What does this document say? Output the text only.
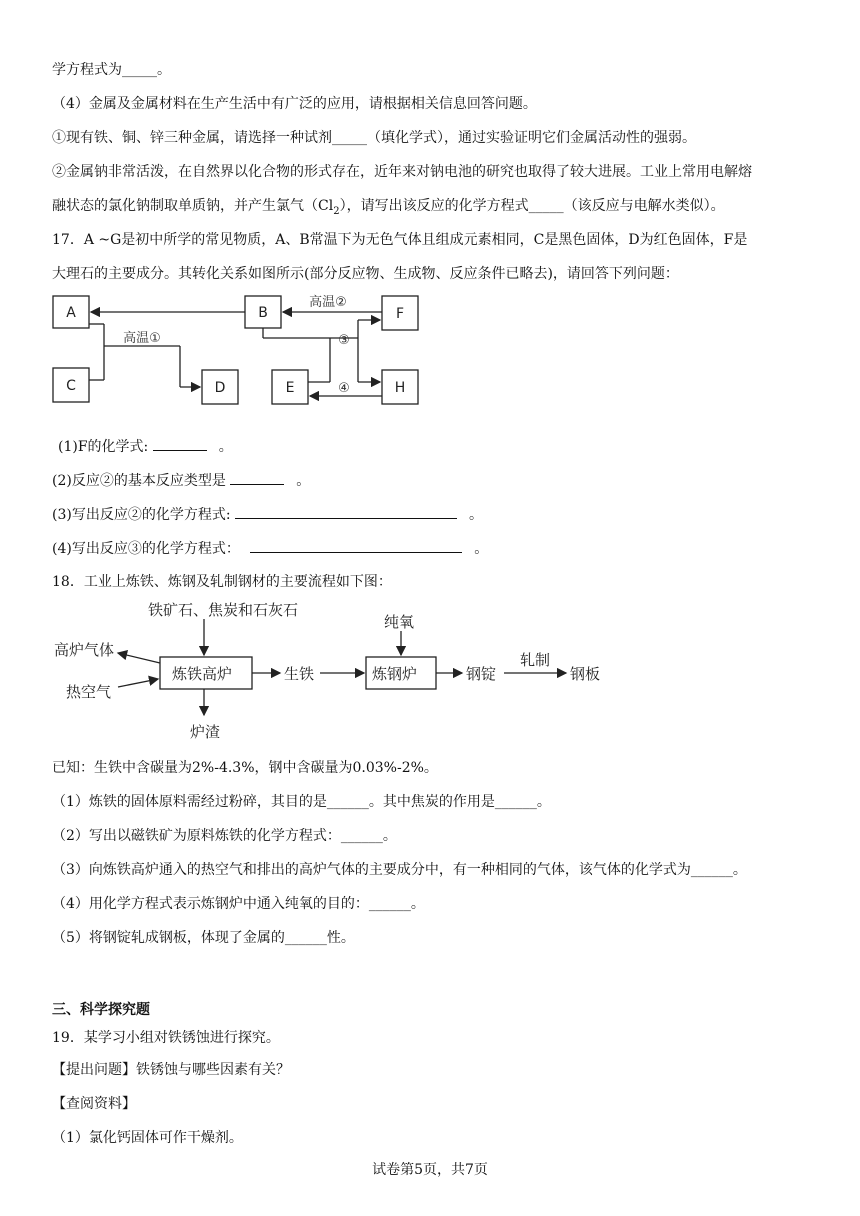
学方程式为_____。
（4）金属及金属材料在生产生活中有广泛的应用，请根据相关信息回答问题。
①现有铁、铜、锌三种金属，请选择一种试剂_____（填化学式），通过实验证明它们金属活动性的强弱。
②金属钠非常活泼，在自然界以化合物的形式存在，近年来对钠电池的研究也取得了较大进展。工业上常用电解熔
融状态的氯化钠制取单质钠，并产生氯气$(Cl_2)$，请写出该反应的化学方程式_____（该反应与电解水类似）。
17．A ~G是初中所学的常见物质，A、B常温下为无色气体且组成元素相同，C是黑色固体，D为红色固体，F是
大理石的主要成分。其转化关系如图所示(部分反应物、生成物、反应条件已略去)，请回答下列问题：
A	B
C	D	E
F
H
高温①
高温②
③
④
(1)F的化学式:	。
(2)反应②的基本反应类型是	。
(3)写出反应②的化学方程式:	。
(4)写出反应③的化学方程式：	。
18．工业上炼铁、炼钢及轧制钢材的主要流程如下图：
铁矿石、焦炭和石灰石
高炉气体
热空气
炼铁高炉
炉渣
生铁
纯氧
炼钢炉	钢锭
轧制
钢板
已知：生铁中含碳量为2%-4.3%，钢中含碳量为0.03%-2%。
（1）炼铁的固体原料需经过粉碎，其目的是______。其中焦炭的作用是______。
（2）写出以磁铁矿为原料炼铁的化学方程式：______。
（3）向炼铁高炉通入的热空气和排出的高炉气体的主要成分中，有一种相同的气体，该气体的化学式为______。
（4）用化学方程式表示炼钢炉中通入纯氧的目的：______。
（5）将钢锭轧成钢板，体现了金属的______性。
三、科学探究题
19．某学习小组对铁锈蚀进行探究。
【提出问题】铁锈蚀与哪些因素有关？
【查阅资料】
（1）氯化钙固体可作干燥剂。
试卷第5页，共7页
